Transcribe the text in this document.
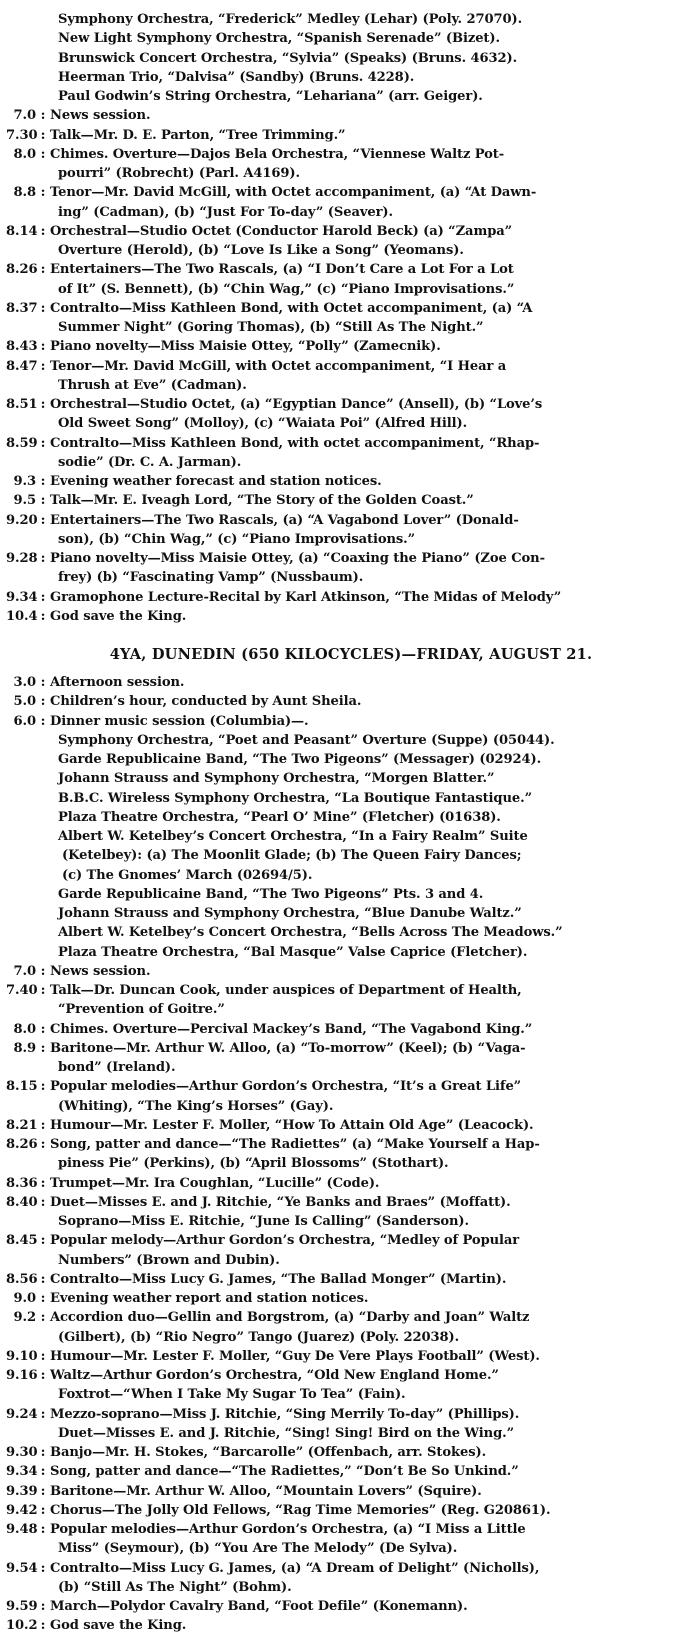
Symphony Orchestra, “Frederick” Medley (Lehar) (Poly. 27070).
New Light Symphony Orchestra, “Spanish Serenade” (Bizet).
Brunswick Concert Orchestra, “Sylvia” (Speaks) (Bruns. 4632).
Heerman Trio, “Dalvisa” (Sandby) (Bruns. 4228).
Paul Godwin’s String Orchestra, “Lehariana” (arr. Geiger).
7.0 : News session.
7.30 : Talk—Mr. D. E. Parton, “Tree Trimming.”
8.0 : Chimes. Overture—Dajos Bela Orchestra, “Viennese Waltz Pot-
pourri” (Robrecht) (Parl. A4169).
8.8 : Tenor—Mr. David McGill, with Octet accompaniment, (a) “At Dawn-
ing” (Cadman), (b) “Just For To-day” (Seaver).
8.14 : Orchestral—Studio Octet (Conductor Harold Beck) (a) “Zampa”
Overture (Herold), (b) “Love Is Like a Song” (Yeomans).
8.26 : Entertainers—The Two Rascals, (a) “I Don’t Care a Lot For a Lot
of It” (S. Bennett), (b) “Chin Wag,” (c) “Piano Improvisations.”
8.37 : Contralto—Miss Kathleen Bond, with Octet accompaniment, (a) “A
Summer Night” (Goring Thomas), (b) “Still As The Night.”
8.43 : Piano novelty—Miss Maisie Ottey, “Polly” (Zamecnik).
8.47 : Tenor—Mr. David McGill, with Octet accompaniment, “I Hear a
Thrush at Eve” (Cadman).
8.51 : Orchestral—Studio Octet, (a) “Egyptian Dance” (Ansell), (b) “Love’s
Old Sweet Song” (Molloy), (c) “Waiata Poi” (Alfred Hill).
8.59 : Contralto—Miss Kathleen Bond, with octet accompaniment, “Rhap-
sodie” (Dr. C. A. Jarman).
9.3 : Evening weather forecast and station notices.
9.5 : Talk—Mr. E. Iveagh Lord, “The Story of the Golden Coast.”
9.20 : Entertainers—The Two Rascals, (a) “A Vagabond Lover” (Donald-
son), (b) “Chin Wag,” (c) “Piano Improvisations.”
9.28 : Piano novelty—Miss Maisie Ottey, (a) “Coaxing the Piano” (Zoe Con-
frey) (b) “Fascinating Vamp” (Nussbaum).
9.34 : Gramophone Lecture-Recital by Karl Atkinson, “The Midas of Melody”
10.4 : God save the King.
4YA, DUNEDIN (650 KILOCYCLES)—FRIDAY, AUGUST 21.
3.0 : Afternoon session.
5.0 : Children’s hour, conducted by Aunt Sheila.
6.0 : Dinner music session (Columbia)—.
Symphony Orchestra, “Poet and Peasant” Overture (Suppe) (05044).
Garde Republicaine Band, “The Two Pigeons” (Messager) (02924).
Johann Strauss and Symphony Orchestra, “Morgen Blatter.”
B.B.C. Wireless Symphony Orchestra, “La Boutique Fantastique.”
Plaza Theatre Orchestra, “Pearl O’ Mine” (Fletcher) (01638).
Albert W. Ketelbey’s Concert Orchestra, “In a Fairy Realm” Suite
(Ketelbey): (a) The Moonlit Glade; (b) The Queen Fairy Dances;
(c) The Gnomes’ March (02694/5).
Garde Republicaine Band, “The Two Pigeons” Pts. 3 and 4.
Johann Strauss and Symphony Orchestra, “Blue Danube Waltz.”
Albert W. Ketelbey’s Concert Orchestra, “Bells Across The Meadows.”
Plaza Theatre Orchestra, “Bal Masque” Valse Caprice (Fletcher).
7.0 : News session.
7.40 : Talk—Dr. Duncan Cook, under auspices of Department of Health,
“Prevention of Goitre.”
8.0 : Chimes. Overture—Percival Mackey’s Band, “The Vagabond King.”
8.9 : Baritone—Mr. Arthur W. Alloo, (a) “To-morrow” (Keel); (b) “Vaga-
bond” (Ireland).
8.15 : Popular melodies—Arthur Gordon’s Orchestra, “It’s a Great Life”
(Whiting), “The King’s Horses” (Gay).
8.21 : Humour—Mr. Lester F. Moller, “How To Attain Old Age” (Leacock).
8.26 : Song, patter and dance—“The Radiettes” (a) “Make Yourself a Hap-
piness Pie” (Perkins), (b) “April Blossoms” (Stothart).
8.36 : Trumpet—Mr. Ira Coughlan, “Lucille” (Code).
8.40 : Duet—Misses E. and J. Ritchie, “Ye Banks and Braes” (Moffatt).
Soprano—Miss E. Ritchie, “June Is Calling” (Sanderson).
8.45 : Popular melody—Arthur Gordon’s Orchestra, “Medley of Popular
Numbers” (Brown and Dubin).
8.56 : Contralto—Miss Lucy G. James, “The Ballad Monger” (Martin).
9.0 : Evening weather report and station notices.
9.2 : Accordion duo—Gellin and Borgstrom, (a) “Darby and Joan” Waltz
(Gilbert), (b) “Rio Negro” Tango (Juarez) (Poly. 22038).
9.10 : Humour—Mr. Lester F. Moller, “Guy De Vere Plays Football” (West).
9.16 : Waltz—Arthur Gordon’s Orchestra, “Old New England Home.”
Foxtrot—“When I Take My Sugar To Tea” (Fain).
9.24 : Mezzo-soprano—Miss J. Ritchie, “Sing Merrily To-day” (Phillips).
Duet—Misses E. and J. Ritchie, “Sing! Sing! Bird on the Wing.”
9.30 : Banjo—Mr. H. Stokes, “Barcarolle” (Offenbach, arr. Stokes).
9.34 : Song, patter and dance—“The Radiettes,” “Don’t Be So Unkind.”
9.39 : Baritone—Mr. Arthur W. Alloo, “Mountain Lovers” (Squire).
9.42 : Chorus—The Jolly Old Fellows, “Rag Time Memories” (Reg. G20861).
9.48 : Popular melodies—Arthur Gordon’s Orchestra, (a) “I Miss a Little
Miss” (Seymour), (b) “You Are The Melody” (De Sylva).
9.54 : Contralto—Miss Lucy G. James, (a) “A Dream of Delight” (Nicholls),
(b) “Still As The Night” (Bohm).
9.59 : March—Polydor Cavalry Band, “Foot Defile” (Konemann).
10.2 : God save the King.
